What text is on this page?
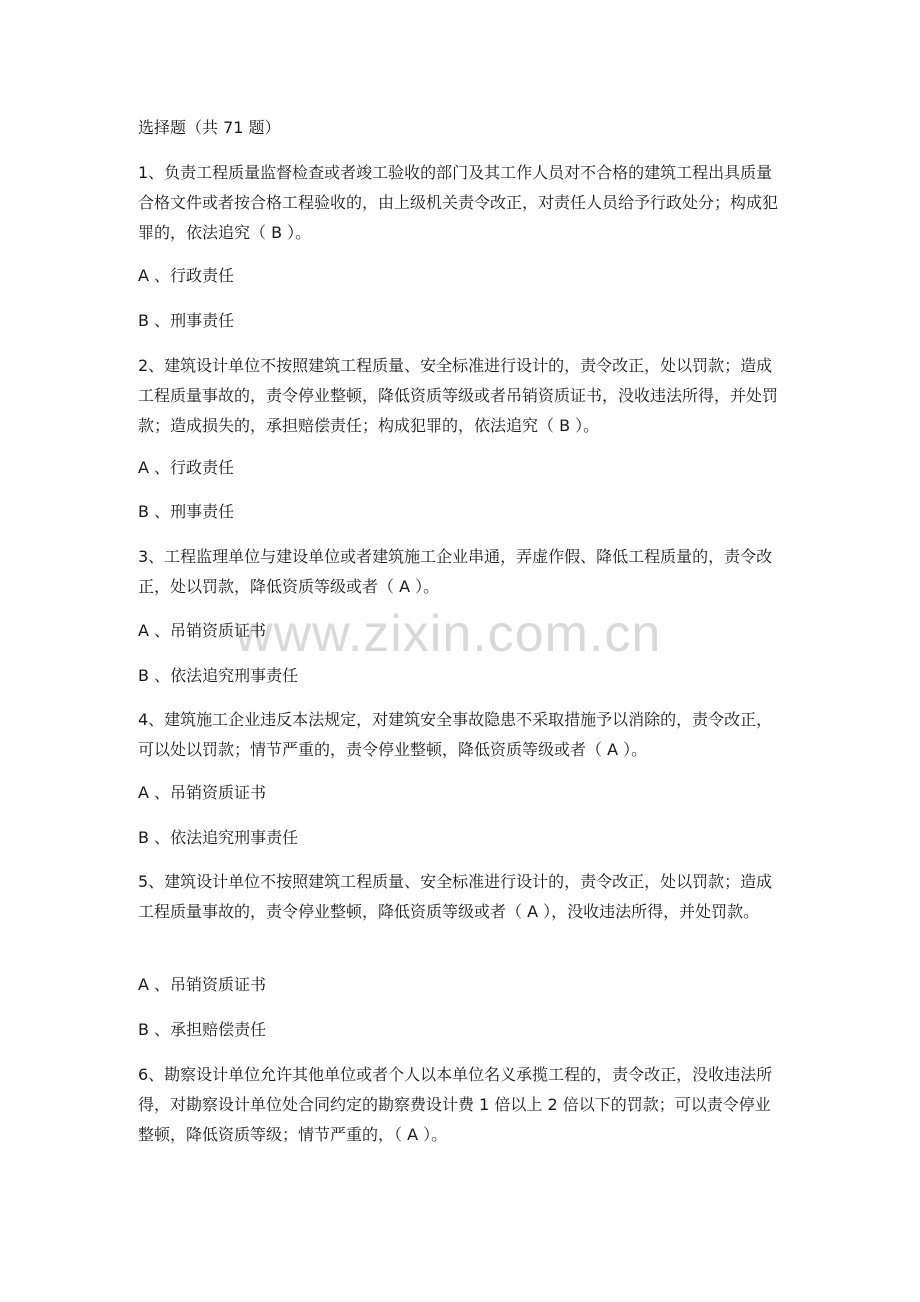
www.zixin.com.cn
选择题（共 71 题）

1、负责工程质量监督检查或者竣工验收的部门及其工作人员对不合格的建筑工程出具质量合格文件或者按合格工程验收的，由上级机关责令改正，对责任人员给予行政处分；构成犯罪的，依法追究（ B ）。

A 、行政责任
B 、刑事责任

2、建筑设计单位不按照建筑工程质量、安全标准进行设计的，责令改正，处以罚款；造成工程质量事故的，责令停业整顿，降低资质等级或者吊销资质证书，没收违法所得，并处罚款；造成损失的，承担赔偿责任；构成犯罪的，依法追究（ B ）。

A 、行政责任
B 、刑事责任

3、工程监理单位与建设单位或者建筑施工企业串通，弄虚作假、降低工程质量的，责令改正，处以罚款，降低资质等级或者（ A ）。

A 、吊销资质证书
B 、依法追究刑事责任

4、建筑施工企业违反本法规定，对建筑安全事故隐患不采取措施予以消除的，责令改正，可以处以罚款；情节严重的，责令停业整顿，降低资质等级或者（ A ）。

A 、吊销资质证书
B 、依法追究刑事责任

5、建筑设计单位不按照建筑工程质量、安全标准进行设计的，责令改正，处以罚款；造成工程质量事故的，责令停业整顿，降低资质等级或者（ A ），没收违法所得，并处罚款。

A 、吊销资质证书
B 、承担赔偿责任

6、勘察设计单位允许其他单位或者个人以本单位名义承揽工程的，责令改正，没收违法所得，对勘察设计单位处合同约定的勘察费设计费 1 倍以上 2 倍以下的罚款；可以责令停业整顿，降低资质等级；情节严重的，（ A ）。
